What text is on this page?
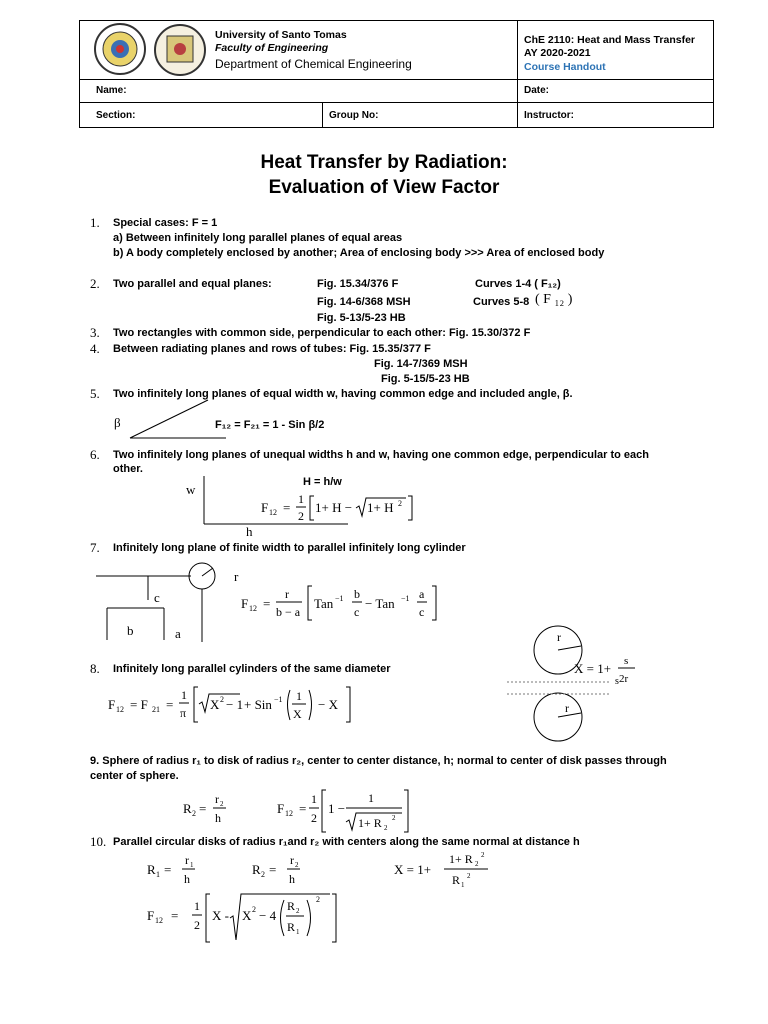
Name:	Date:
Section:	Group No:	Instructor:
University of Santo Tomas
Faculty of Engineering
Department of Chemical Engineering
ChE 2110: Heat and Mass Transfer
AY 2020-2021
Course Handout
Heat Transfer by Radiation:
Evaluation of View Factor
1. Special cases: F = 1
a) Between infinitely long parallel planes of equal areas
b) A body completely enclosed by another; Area of enclosing body >>> Area of enclosed body
2. Two parallel and equal planes:	Fig. 15.34/376 F	Curves 1-4 ( F₁₂)
Fig. 14-6/368 MSH	Curves 5-8 ( F ₁₂ )
Fig. 5-13/5-23 HB
3. Two rectangles with common side, perpendicular to each other: Fig. 15.30/372 F
4. Between radiating planes and rows of tubes: Fig. 15.35/377 F
Fig. 14-7/369 MSH
Fig. 5-15/5-23 HB
5. Two infinitely long planes of equal width w, having common edge and included angle, β.
β	F₁₂ = F₂₁ = 1 - Sin β/2
6. Two infinitely long planes of unequal widths h and w, having one common edge, perpendicular to each
other.
w
h
H = h/w
F 12 =
1
2
1+ H − 1+ H 2
7. Infinitely long plane of finite width to parallel infinitely long cylinder
r
c
b	a
F 12 =
r
b − a
Tan −1 b
c
− Tan −1 a
c
r
r
s
X = 1+ s
2r
8. Infinitely long parallel cylinders of the same diameter
F 12 = F 21 =
1
π
X 2 − 1 + Sin −1 1
X
− X
9. Sphere of radius r₁ to disk of radius r₂, center to center distance, h; normal to center of disk passes through
center of sphere.
R 2 =
r 2
h
F 12 =
1
2
1 −
1
1+ R 2
2
10. Parallel circular disks of radius r₁and r₂ with centers along the same normal at distance h
R 1 =
r 1
h
R 2 =
r 2
h
X = 1+
1+ R 2
2
R 1
2
F 12 =
1
2
X - X 2 − 4
R 2
R 1
2
